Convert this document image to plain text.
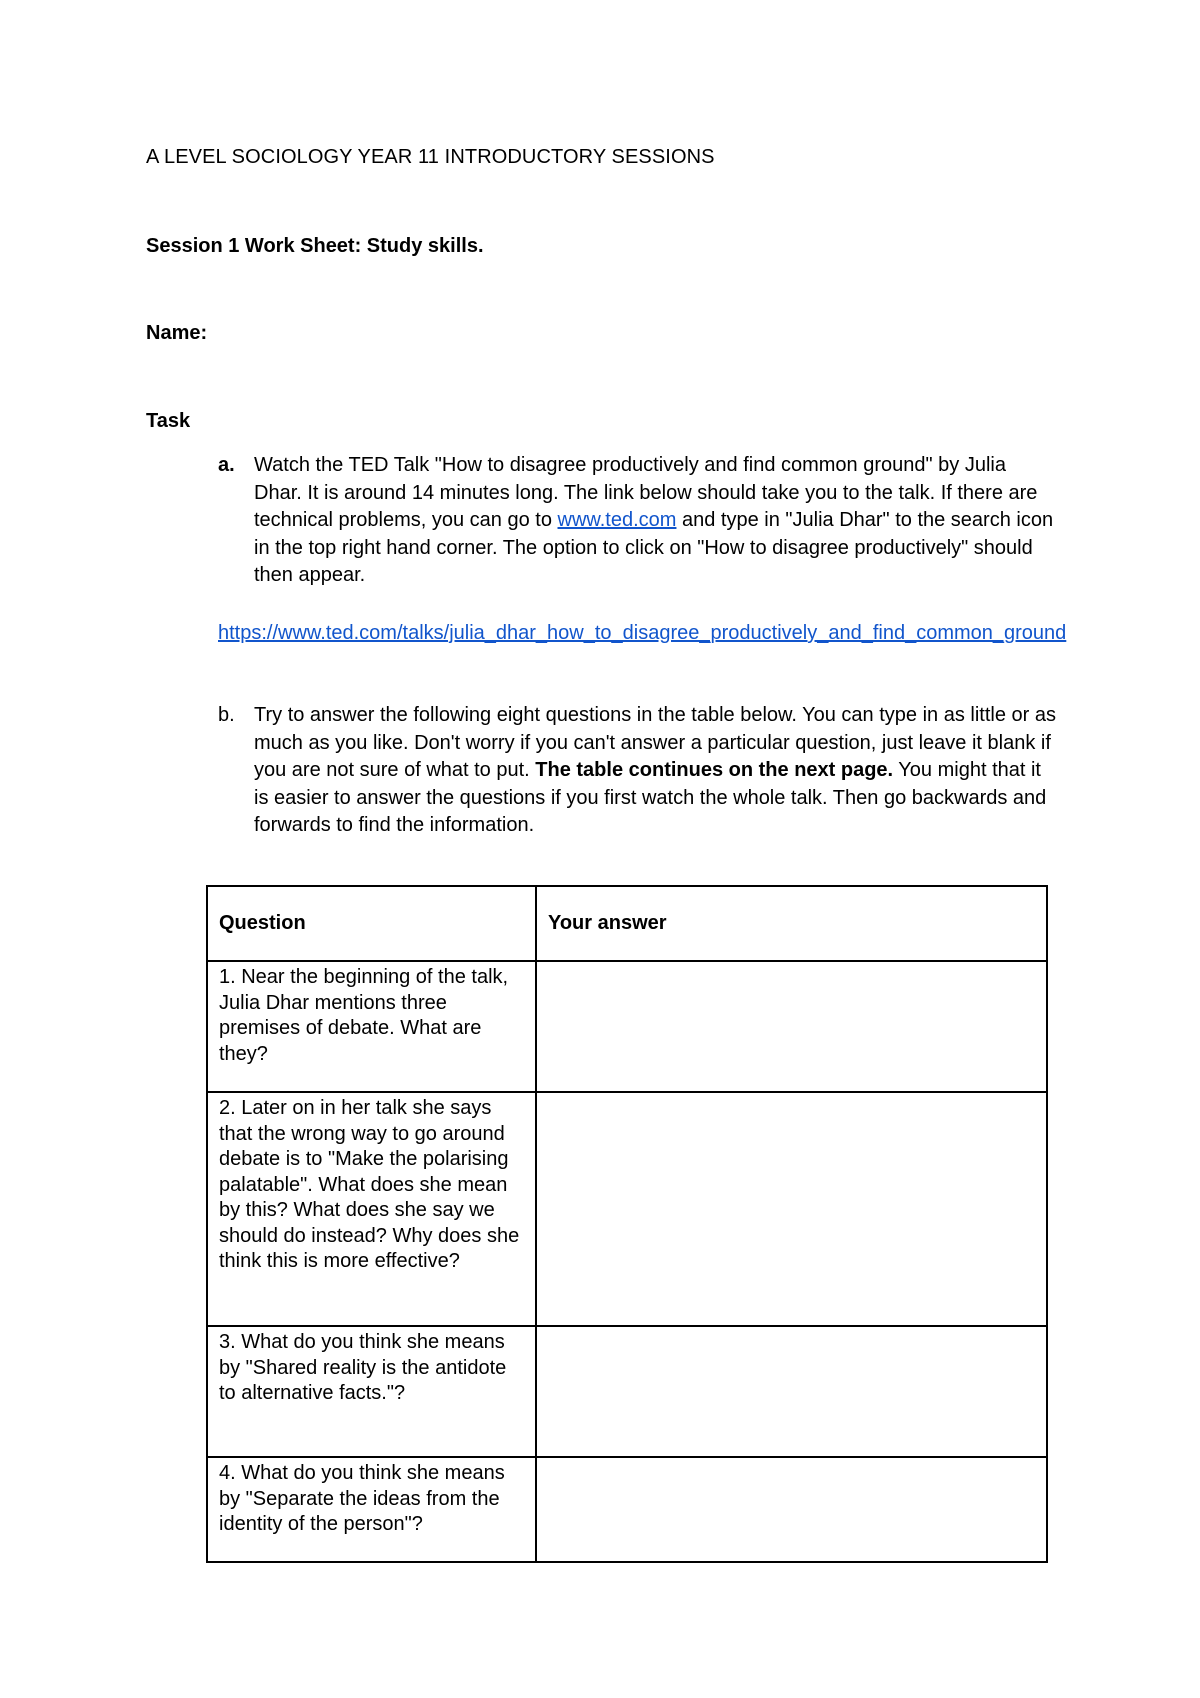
A LEVEL SOCIOLOGY YEAR 11 INTRODUCTORY SESSIONS
Session 1 Work Sheet: Study skills.
Name:
Task
a. Watch the TED Talk "How to disagree productively and find common ground" by Julia Dhar. It is around 14 minutes long. The link below should take you to the talk. If there are technical problems, you can go to www.ted.com and type in "Julia Dhar" to the search icon in the top right hand corner. The option to click on "How to disagree productively" should then appear.
https://www.ted.com/talks/julia_dhar_how_to_disagree_productively_and_find_common_ground
b. Try to answer the following eight questions in the table below. You can type in as little or as much as you like. Don't worry if you can't answer a particular question, just leave it blank if you are not sure of what to put. The table continues on the next page. You might that it is easier to answer the questions if you first watch the whole talk. Then go backwards and forwards to find the information.
Question	Your answer
1. Near the beginning of the talk, Julia Dhar mentions three premises of debate. What are they?	
2. Later on in her talk she says that the wrong way to go around debate is to "Make the polarising palatable". What does she mean by this? What does she say we should do instead? Why does she think this is more effective?	
3. What do you think she means by "Shared reality is the antidote to alternative facts."?	
4. What do you think she means by "Separate the ideas from the identity of the person"?	
